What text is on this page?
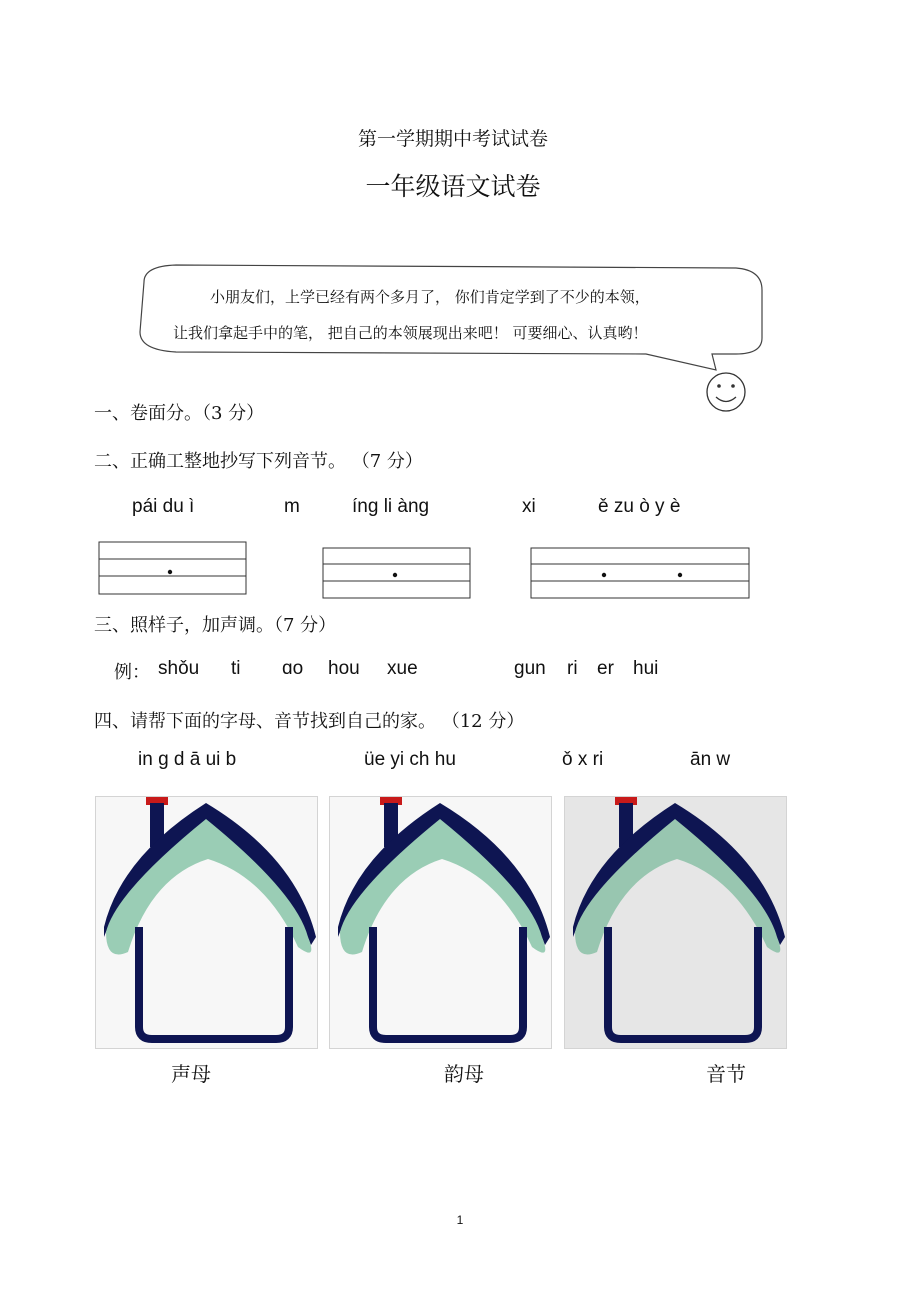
第一学期期中考试试卷
一年级语文试卷
小朋友们，上学已经有两个多月了， 你们肯定学到了不少的本领，
让我们拿起手中的笔， 把自己的本领展现出来吧！ 可要细心、认真哟！
一、卷面分。（3 分）
二、正确工整地抄写下列音节。 （7 分）
pái du ì	m	íng li àng	xi	ě zu ò y è
三、照样子，加声调。（7 分）
例： shǒu ti ɑo hou xue	ɡun ri er hui
四、请帮下面的字母、音节找到自己的家。 （12 分）
in ɡ d ā ui b	üe yi ch hu	ǒ x ri	ān w
声母	韵母	音节
1
